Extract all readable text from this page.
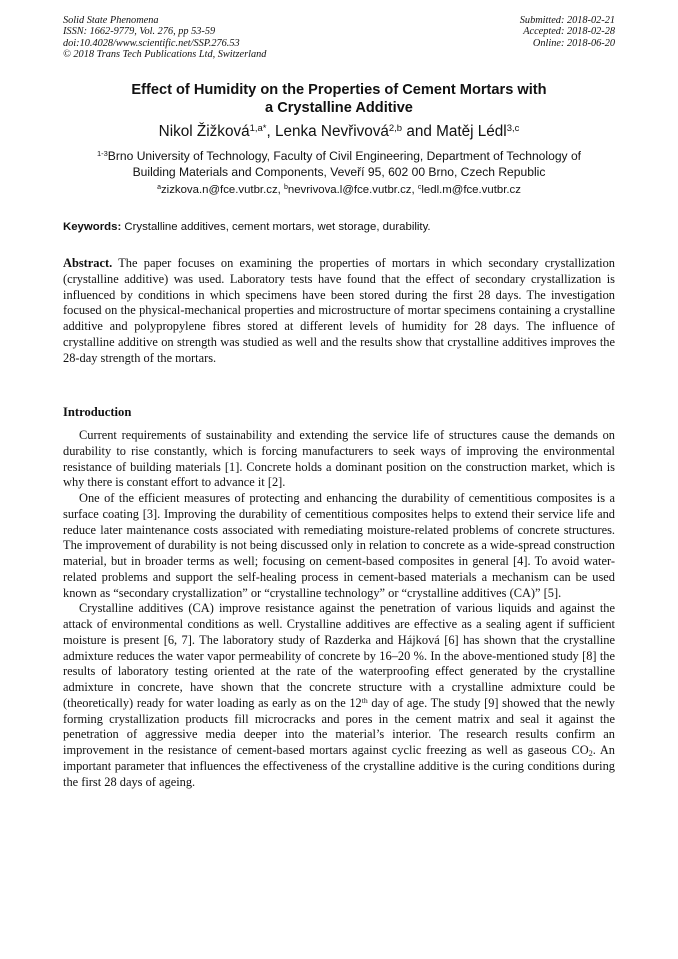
Solid State Phenomena
ISSN: 1662-9779, Vol. 276, pp 53-59
doi:10.4028/www.scientific.net/SSP.276.53
© 2018 Trans Tech Publications Ltd, Switzerland
Submitted: 2018-02-21
Accepted: 2018-02-28
Online: 2018-06-20
Effect of Humidity on the Properties of Cement Mortars with
a Crystalline Additive
Nikol Žižková$^{1,a*}$, Lenka Nevřivová$^{2,b}$ and Matěj Lédl$^{3,c}$
$^{1-3}$Brno University of Technology, Faculty of Civil Engineering, Department of Technology of
Building Materials and Components, Veveří 95, 602 00 Brno, Czech Republic
$^a$zizkova.n@fce.vutbr.cz, $^b$nevrivova.l@fce.vutbr.cz, $^c$ledl.m@fce.vutbr.cz
Keywords: Crystalline additives, cement mortars, wet storage, durability.
Abstract. The paper focuses on examining the properties of mortars in which secondary crystallization (crystalline additive) was used. Laboratory tests have found that the effect of secondary crystallization is influenced by conditions in which specimens have been stored during the first 28 days. The investigation focused on the physical-mechanical properties and microstructure of mortar specimens containing a crystalline additive and polypropylene fibres stored at different levels of humidity for 28 days. The influence of crystalline additive on strength was studied as well and the results show that crystalline additives improves the 28-day strength of the mortars.
Introduction

Current requirements of sustainability and extending the service life of structures cause the demands on durability to rise constantly, which is forcing manufacturers to seek ways of improving the environmental resistance of building materials [1]. Concrete holds a dominant position on the construction market, which is why there is constant effort to advance it [2].

One of the efficient measures of protecting and enhancing the durability of cementitious composites is a surface coating [3]. Improving the durability of cementitious composites helps to extend their service life and reduce later maintenance costs associated with remediating moisture-related problems of concrete structures. The improvement of durability is not being discussed only in relation to concrete as a wide-spread construction material, but in broader terms as well; focusing on cement-based composites in general [4]. To avoid water-related problems and support the self-healing process in cement-based materials a mechanism can be used known as “secondary crystallization” or “crystalline technology” or “crystalline additives (CA)” [5].

Crystalline additives (CA) improve resistance against the penetration of various liquids and against the attack of environmental conditions as well. Crystalline additives are effective as a sealing agent if sufficient moisture is present [6, 7]. The laboratory study of Razderka and Hájková [6] has shown that the crystalline admixture reduces the water vapor permeability of concrete by 16–20 %. In the above-mentioned study [8] the results of laboratory testing oriented at the rate of the waterproofing effect generated by the crystalline admixture in concrete, have shown that the concrete structure with a crystalline admixture could be (theoretically) ready for water loading as early as on the 12th day of age. The study [9] showed that the newly forming crystallization products fill microcracks and pores in the cement matrix and seal it against the penetration of aggressive media deeper into the material’s interior. The research results confirm an improvement in the resistance of cement-based mortars against cyclic freezing as well as gaseous $CO_2$. An important parameter that influences the effectiveness of the crystalline additive is the curing conditions during the first 28 days of ageing.
